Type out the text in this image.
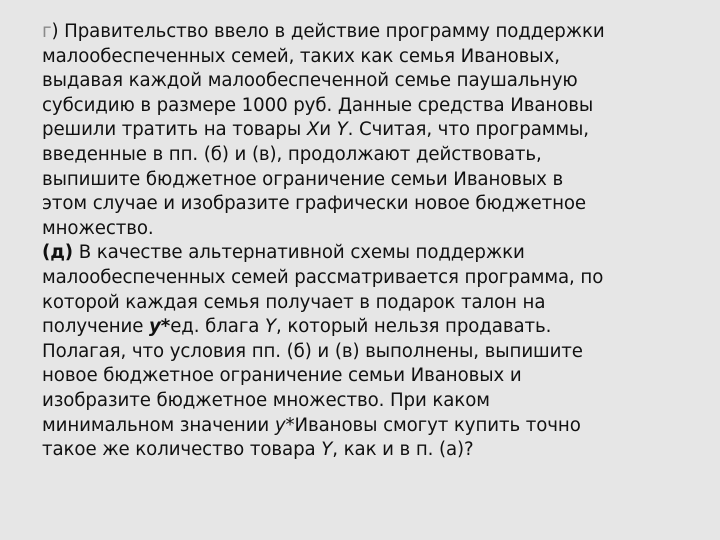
г) Правительство ввело в действие программу поддержки
малообеспеченных семей, таких как семья Ивановых,
выдавая каждой малообеспеченной семье паушальную
субсидию в размере 1000 руб. Данные средства Ивановы
решили тратить на товары Xи Y. Считая, что программы,
введенные в пп. (б) и (в), продолжают действовать,
выпишите бюджетное ограничение семьи Ивановых в
этом случае и изобразите графически новое бюджетное
множество.

(д) В качестве альтернативной схемы поддержки
малообеспеченных семей рассматривается программа, по
которой каждая семья получает в подарок талон на
получение y*ед. блага Y, который нельзя продавать.
Полагая, что условия пп. (б) и (в) выполнены, выпишите
новое бюджетное ограничение семьи Ивановых и
изобразите бюджетное множество. При каком
минимальном значении y*Ивановы смогут купить точно
такое же количество товара Y, как и в п. (а)?
